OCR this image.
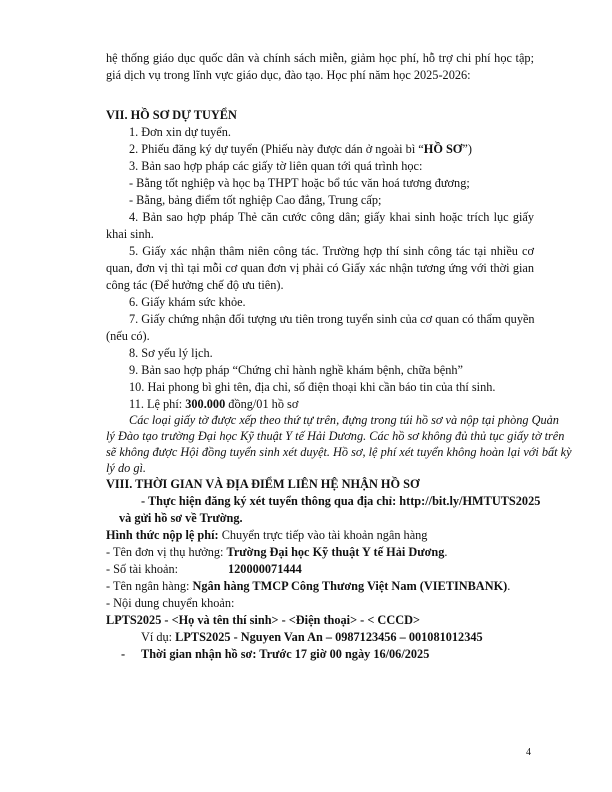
hệ thống giáo dục quốc dân và chính sách miễn, giảm học phí, hỗ trợ chi phí học tập;
giá dịch vụ trong lĩnh vực giáo dục, đào tạo. Học phí năm học 2025-2026:
VII. HỒ SƠ DỰ TUYỂN
1. Đơn xin dự tuyển.
2. Phiếu đăng ký dự tuyển (Phiếu này được dán ở ngoài bì “HỒ SƠ”)
3. Bản sao hợp pháp các giấy tờ liên quan tới quá trình học:
- Bằng tốt nghiệp và học bạ THPT hoặc bổ túc văn hoá tương đương;
- Bằng, bảng điểm tốt nghiệp Cao đẳng, Trung cấp;
4. Bản sao hợp pháp Thẻ căn cước công dân; giấy khai sinh hoặc trích lục giấy
khai sinh.
5. Giấy xác nhận thâm niên công tác. Trường hợp thí sinh công tác tại nhiều cơ
quan, đơn vị thì tại mỗi cơ quan đơn vị phải có Giấy xác nhận tương ứng với thời gian
công tác (Để hưởng chế độ ưu tiên).
6. Giấy khám sức khỏe.
7. Giấy chứng nhận đối tượng ưu tiên trong tuyển sinh của cơ quan có thẩm quyền
(nếu có).
8. Sơ yếu lý lịch.
9. Bản sao hợp pháp “Chứng chỉ hành nghề khám bệnh, chữa bệnh”
10. Hai phong bì ghi tên, địa chỉ, số điện thoại khi cần báo tin của thí sinh.
11. Lệ phí: 300.000 đồng/01 hồ sơ
Các loại giấy tờ được xếp theo thứ tự trên, đựng trong túi hồ sơ và nộp tại phòng Quản
lý Đào tạo trường Đại học Kỹ thuật Y tế Hải Dương. Các hồ sơ không đủ thủ tục giấy tờ trên
sẽ không được Hội đồng tuyển sinh xét duyệt. Hồ sơ, lệ phí xét tuyển không hoàn lại với bất kỳ
lý do gì.
VIII. THỜI GIAN VÀ ĐỊA ĐIỂM LIÊN HỆ NHẬN HỒ SƠ
- Thực hiện đăng ký xét tuyển thông qua địa chỉ: http://bit.ly/HMTUTS2025
và gửi hồ sơ về Trường.
Hình thức nộp lệ phí: Chuyển trực tiếp vào tài khoản ngân hàng
- Tên đơn vị thụ hưởng: Trường Đại học Kỹ thuật Y tế Hải Dương.
- Số tài khoản:	120000071444
- Tên ngân hàng: Ngân hàng TMCP Công Thương Việt Nam (VIETINBANK).
- Nội dung chuyển khoản:
LPTS2025 - <Họ và tên thí sinh> - <Điện thoại> - < CCCD>
Ví dụ: LPTS2025 - Nguyen Van An – 0987123456 – 001081012345
- Thời gian nhận hồ sơ: Trước 17 giờ 00 ngày 16/06/2025
4
